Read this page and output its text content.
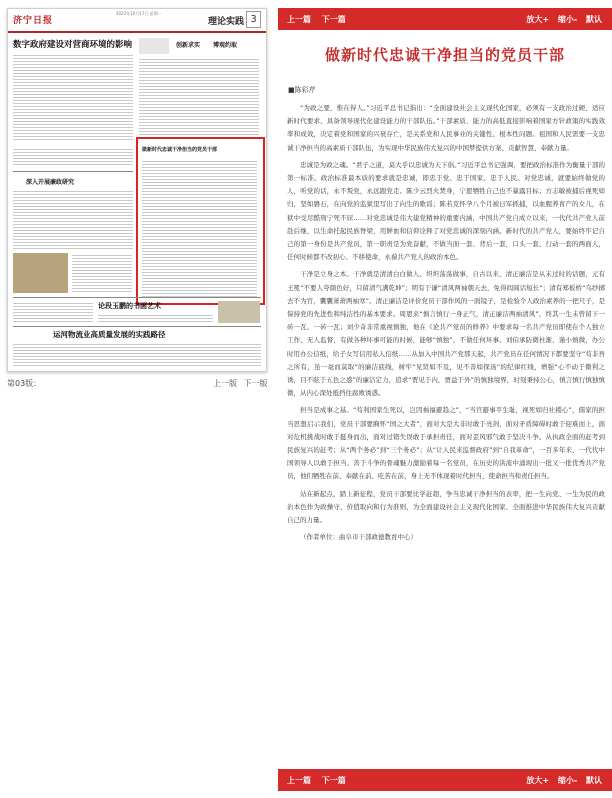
济宁日报
2022年10月17日 星期一
理论实践 3
数字政府建设对营商环境的影响	创新求实 博观约取
做新时代忠诚干净担当的党员干部
深入开展廉政研究
论段玉鹏的书画艺术
运河物流业高质量发展的实践路径
第03版：	上一版 下一版
上一篇 下一篇	放大+ 缩小- 默认
做新时代忠诚干净担当的党员干部
■陈彩芹

“为政之要，惟在得人。”习近平总书记指出：“全面建设社会主义现代化国家，必须有一支政治过硬、适应新时代要求、具备领导现代化建设能力的干部队伍。”干部素质、能力的高低直接影响着国家方针政策的实践效率和成效，决定着党和国家的兴衰存亡，是关系党和人民事业的关键性、根本性问题。祖国和人民需要一支忠诚干净担当的高素质干部队伍，为实现中华民族伟大复兴的中国梦提供方案、贡献智慧、奉献力量。

忠诚是为政之魂。“君子之道，莫大乎以忠诚为天下倡。”习近平总书记强调，要把政治标准作为衡量干部的第一标准。政治标准最本质的要求就是忠诚，即忠于党、忠于国家、忠于人民。对党忠诚，就要始终做党的人，听党的话，永不叛党，永远跟党走。陈少云烈火焚身，宁愿牺牲自己也不暴露目标；方志敏被捕后视死如归，坚如磐石，在向党的监狱里写出了向生的歌谣；陈若克怀孕八个月被日军抓捕，以血腥养育产的女儿，在狱中受尽酷刑宁死不屈……对党忠诚是伟大建党精神的重要内涵，中国共产党自成立以来，一代代共产党人前赴后继，以生命托起民族脊梁，用鲜血和信仰诠释了对党忠诚的深刻内涵。新时代的共产党人，要始终牢记自己的第一身份是共产党员，第一职责是为党奋献，不做当面一套、背后一套，口头一套、行动一套的两面人，任何时候都不改初心、不移使命，永葆共产党人的政治本色。

干净是立身之本。干净就是清清白白做人、坦坦荡荡做事，自古以来，清正廉洁是从未过时的话题，元有王冕“不要人夸颜色好，只留清气满乾坤”；明有于谦“清风两袖朝天去，免得闾阎话短长”；清有郑板桥“乌纱掷去不为官，囊囊萧萧两袖寒”。清正廉洁是评价党员干部作风的一面镜子，是检验个人政治素养的一把尺子，是保持党的先进性和纯洁性的基本要求。周恩来“慎言慎行一身正气，清正廉洁两袖清风”，终其一生未曾留下一砖一瓦、一砖一瓦；刘少奇非常重视慎独，他在《论共产党员的修养》中要求每一名共产党员即使在个人独立工作、无人监督，有做各种坏事可能的时候，能够“慎独”，不做任何坏事。刘伯承防微杜渐、谨小慎微，办公时用办公信纸，给子女写信用私人信纸……从加入中国共产党那天起，共产党员在任何情况下都要坚守“苟非吾之所有，虽一毫而莫取”的廉洁底线，树牢“见贤如不及，见不善如探汤”的纪律红线，增强“心不动于微利之诱，目不眩于五色之惑”的廉洁定力，追求“贾见于内，贾益于外”的慎独境界，时刻秉持公心，慎言慎行慎独慎微，从内心深处抵挡住腐败诱惑。

担当是成事之基。“苟利国家生死以，岂因祸福避趋之”，“当官避事平生耻，视死如归社稷心”，儒家的担当思想启示我们，党员干部要胸怀“国之大者”，面对大是大非时敢于亮剑，面对矛盾障碍时敢于迎难而上，面对危机挑战时敢于挺身而出，面对过错失误敢于承担责任，面对歪风邪气敢于坚决斗争。从执政全面的赶考到民族复兴的赶考；从“两个务必”到“三个务必”；从“让人民来监督政府”到“自我革命”，一百多年来，一代代中国领导人以敢于担当、善于斗争的骨魂魅力激励着每一名党员，在历史的洪流中涌现出一批又一批优秀共产党员，他们牺牲在前、奉献在前、吃苦在前，身上无不体现着时代担当、使命担当和责任担当。

站在新起点，踏上新征程，党员干部要比学赶超，争当忠诚干净担当的表率，把一生向党、一生为民的政治本色作为政操守、价值取向和行为准则，为全面建设社会主义现代化国家、全面推进中华民族伟大复兴贡献自己的力量。

（作者单位：曲阜市干部政德教育中心）

上一篇 下一篇	放大+ 缩小- 默认
